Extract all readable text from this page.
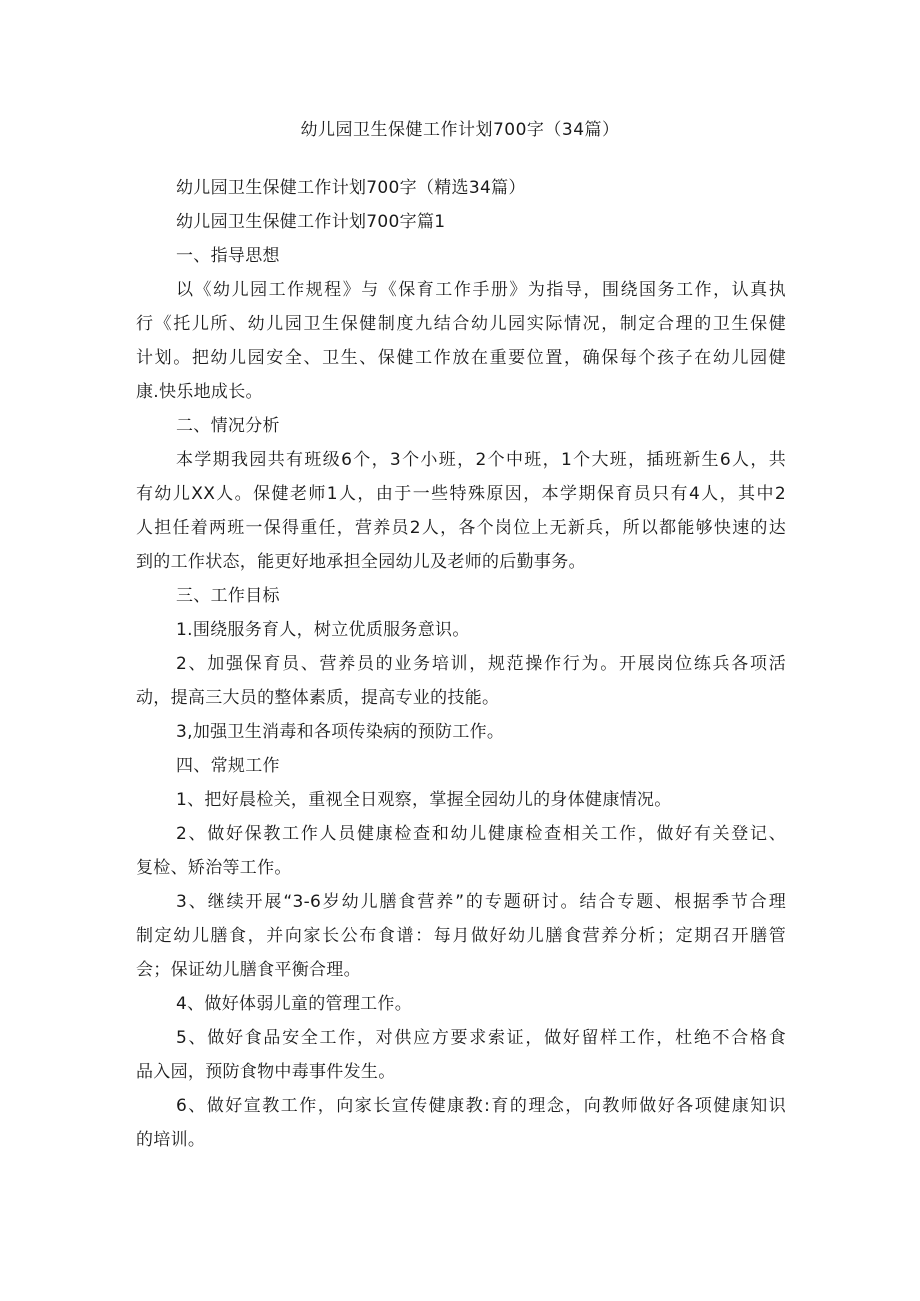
幼儿园卫生保健工作计划700字（34篇）
幼儿园卫生保健工作计划700字（精选34篇）
幼儿园卫生保健工作计划700字篇1
一、指导思想
以《幼儿园工作规程》与《保育工作手册》为指导，围绕国务工作，认真执
行《托儿所、幼儿园卫生保健制度九结合幼儿园实际情况，制定合理的卫生保健
计划。把幼儿园安全、卫生、保健工作放在重要位置，确保每个孩子在幼儿园健
康.快乐地成长。
二、情况分析
本学期我园共有班级6个，3个小班，2个中班，1个大班，插班新生6人，共
有幼儿XX人。保健老师1人，由于一些特殊原因，本学期保育员只有4人，其中2
人担任着两班一保得重任，营养员2人，各个岗位上无新兵，所以都能够快速的达
到的工作状态，能更好地承担全园幼儿及老师的后勤事务。
三、工作目标
1.围绕服务育人，树立优质服务意识。
2、加强保育员、营养员的业务培训，规范操作行为。开展岗位练兵各项活
动，提高三大员的整体素质，提高专业的技能。
3,加强卫生消毒和各项传染病的预防工作。
四、常规工作
1、把好晨检关，重视全日观察，掌握全园幼儿的身体健康情况。
2、做好保教工作人员健康检查和幼儿健康检查相关工作，做好有关登记、
复检、矫治等工作。
3、继续开展“3-6岁幼儿膳食营养”的专题研讨。结合专题、根据季节合理
制定幼儿膳食，并向家长公布食谱：每月做好幼儿膳食营养分析；定期召开膳管
会；保证幼儿膳食平衡合理。
4、做好体弱儿童的管理工作。
5、做好食品安全工作，对供应方要求索证，做好留样工作，杜绝不合格食
品入园，预防食物中毒事件发生。
6、做好宣教工作，向家长宣传健康教:育的理念，向教师做好各项健康知识
的培训。
